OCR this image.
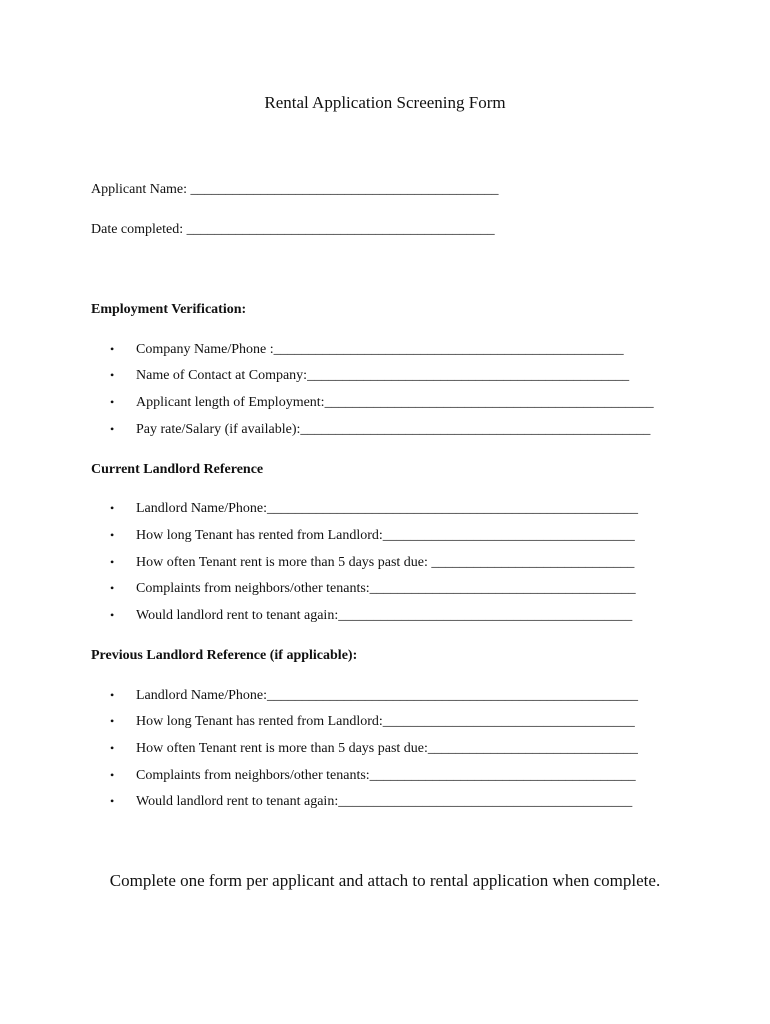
Rental Application Screening Form
Applicant Name: ____________________________________________
Date completed: ____________________________________________
Employment Verification:
• Company Name/Phone :__________________________________________________
• Name of Contact at Company:______________________________________________
• Applicant length of Employment:_______________________________________________
• Pay rate/Salary (if available):__________________________________________________
Current Landlord Reference
• Landlord Name/Phone:_____________________________________________________
• How long Tenant has rented from Landlord:____________________________________
• How often Tenant rent is more than 5 days past due: _____________________________
• Complaints from neighbors/other tenants:______________________________________
• Would landlord rent to tenant again:__________________________________________
Previous Landlord Reference (if applicable):
• Landlord Name/Phone:_____________________________________________________
• How long Tenant has rented from Landlord:____________________________________
• How often Tenant rent is more than 5 days past due:______________________________
• Complaints from neighbors/other tenants:______________________________________
• Would landlord rent to tenant again:__________________________________________
Complete one form per applicant and attach to rental application when complete.
